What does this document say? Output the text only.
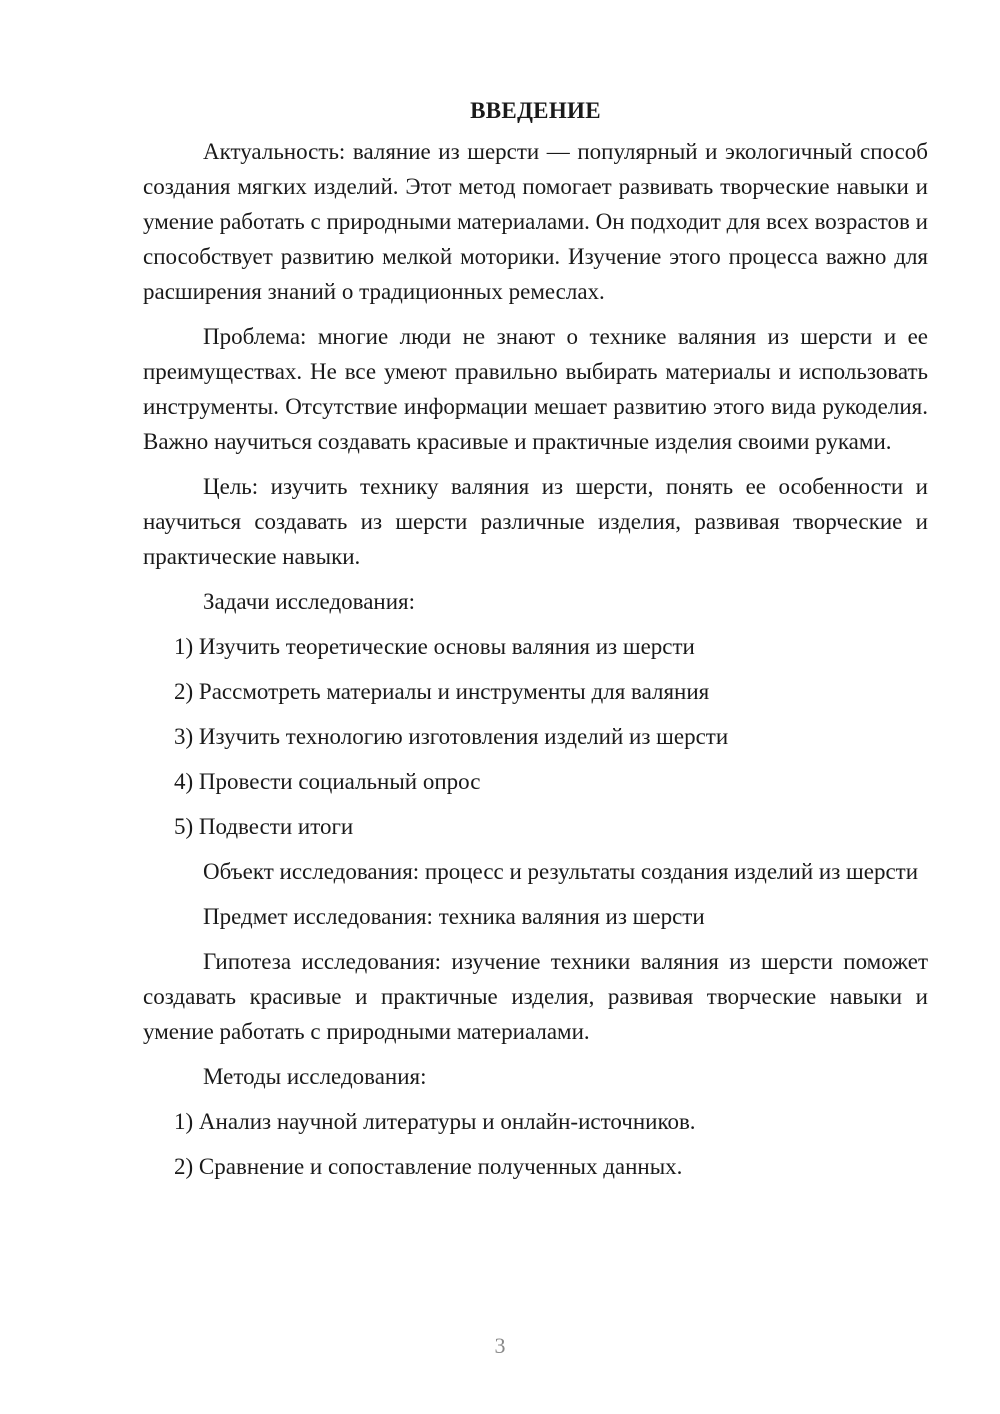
ВВЕДЕНИЕ

Актуальность: валяние из шерсти — популярный и экологичный способ создания мягких изделий. Этот метод помогает развивать творческие навыки и умение работать с природными материалами. Он подходит для всех возрастов и способствует развитию мелкой моторики. Изучение этого процесса важно для расширения знаний о традиционных ремеслах.

Проблема: многие люди не знают о технике валяния из шерсти и ее преимуществах. Не все умеют правильно выбирать материалы и использовать инструменты. Отсутствие информации мешает развитию этого вида рукоделия. Важно научиться создавать красивые и практичные изделия своими руками.

Цель: изучить технику валяния из шерсти, понять ее особенности и научиться создавать из шерсти различные изделия, развивая творческие и практические навыки.

Задачи исследования:

1) Изучить теоретические основы валяния из шерсти

2) Рассмотреть материалы и инструменты для валяния

3) Изучить технологию изготовления изделий из шерсти

4) Провести социальный опрос

5) Подвести итоги

Объект исследования: процесс и результаты создания изделий из шерсти

Предмет исследования: техника валяния из шерсти

Гипотеза исследования: изучение техники валяния из шерсти поможет создавать красивые и практичные изделия, развивая творческие навыки и умение работать с природными материалами.

Методы исследования:

1) Анализ научной литературы и онлайн-источников.

2) Сравнение и сопоставление полученных данных.

3
